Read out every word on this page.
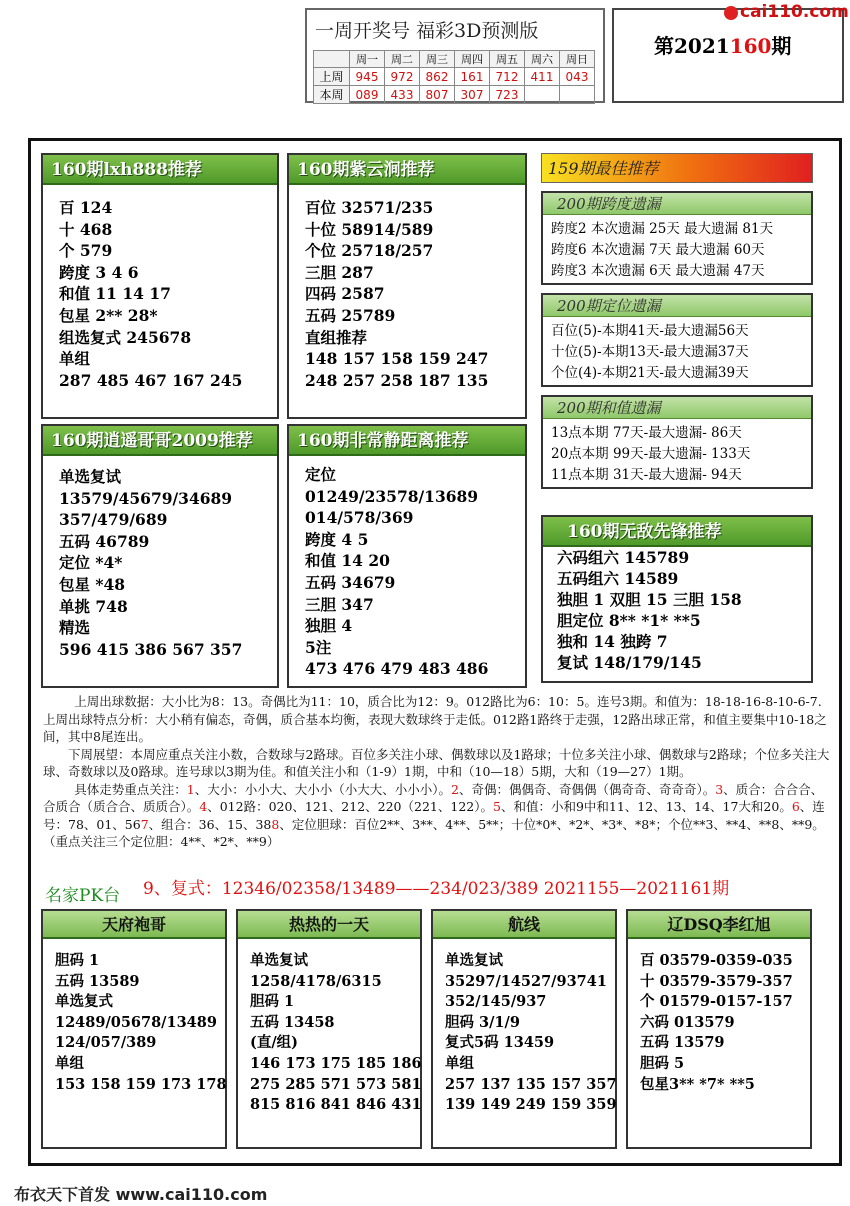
一周开奖号 福彩3D预测版
	周一	周二	周三	周四	周五	周六	周日
上周	945	972	862	161	712	411	043
本周	089	433	807	307	723		
第2021160期
cai110.com
160期lxh888推荐
百 124
十 468
个 579
跨度 3 4 6
和值 11 14 17
包星 2** 28*
组选复式 245678
单组
287 485 467 167 245
160期逍遥哥哥2009推荐
单选复试
13579/45679/34689
357/479/689
五码 46789
定位 *4*
包星 *48
单挑 748
精选
596 415 386 567 357
160期紫云涧推荐
百位 32571/235
十位 58914/589
个位 25718/257
三胆 287
四码 2587
五码 25789
直组推荐
148 157 158 159 247
248 257 258 187 135
160期非常静距离推荐
定位
01249/23578/13689
014/578/369
跨度 4 5
和值 14 20
五码 34679
三胆 347
独胆 4
5注
473 476 479 483 486
159期最佳推荐
200期跨度遗漏
跨度2 本次遗漏 25天 最大遗漏 81天
跨度6 本次遗漏 7天 最大遗漏 60天
跨度3 本次遗漏 6天 最大遗漏 47天
200期定位遗漏
百位(5)-本期41天-最大遗漏56天
十位(5)-本期13天-最大遗漏37天
个位(4)-本期21天-最大遗漏39天
200期和值遗漏
13点本期 77天-最大遗漏- 86天
20点本期 99天-最大遗漏- 133天
11点本期 31天-最大遗漏- 94天
160期无敌先锋推荐
六码组六 145789
五码组六 14589
独胆 1 双胆 15 三胆 158
胆定位 8** *1* **5
独和 14 独跨 7
复试 148/179/145

上周出球数据：大小比为8：13。奇偶比为11：10，质合比为12：9。012路比为6：10：5。连号3期。和值为：18-18-16-8-10-6-7.上周出球特点分析：大小稍有偏态，奇偶，质合基本均衡，表现大数球终于走低。012路1路终于走强，12路出球正常，和值主要集中10-18之间，其中8尾连出。

下周展望：本周应重点关注小数，合数球与2路球。百位多关注小球、偶数球以及1路球；十位多关注小球、偶数球与2路球；个位多关注大球、奇数球以及0路球。连号球以3期为佳。和值关注小和（1-9）1期，中和（10—18）5期，大和（19—27）1期。

具体走势重点关注：1、大小：小小大、大小小（小大大、小小小）。2、奇偶：偶偶奇、奇偶偶（偶奇奇、奇奇奇）。3、质合：合合合、合质合（质合合、质质合）。4、012路：020、121、212、220（221、122）。5、和值：小和9中和11、12、13、14、17大和20。6、连号：78、01、567、组合：36、15、388、定位胆球：百位2**、3**、4**、5**；十位*0*、*2*、*3*、*8*；个位**3、**4、**8、**9。（重点关注三个定位胆：4**、*2*、**9）

名家PK台 9、复式：12346/02358/13489——234/023/389 2021155—2021161期
天府袍哥
胆码 1
五码 13589
单选复式
12489/05678/13489
124/057/389
单组
153 158 159 173 178
热热的一天
单选复试
1258/4178/6315
胆码 1
五码 13458
(直/组)
146 173 175 185 186
275 285 571 573 581
815 816 841 846 431
航线
单选复试
35297/14527/93741
352/145/937
胆码 3/1/9
复式5码 13459
单组
257 137 135 157 357
139 149 249 159 359
辽DSQ李红旭
百 03579-0359-035
十 03579-3579-357
个 01579-0157-157
六码 013579
五码 13579
胆码 5
包星3** *7* **5
布衣天下首发 www.cai110.com
